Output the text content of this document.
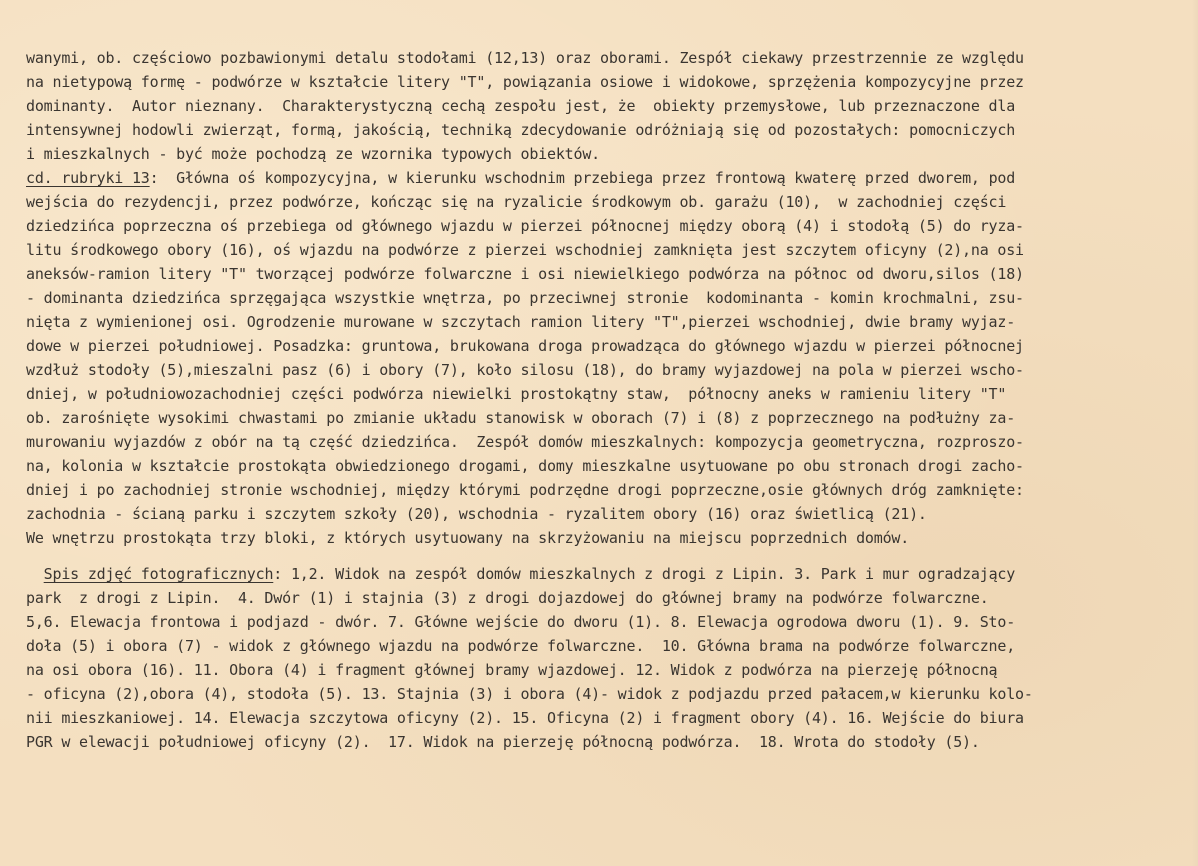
wanymi, ob. częściowo pozbawionymi detalu stodołami (12,13) oraz oborami. Zespół ciekawy przestrzennie ze względu
na nietypową formę - podwórze w kształcie litery "T", powiązania osiowe i widokowe, sprzężenia kompozycyjne przez
dominanty.  Autor nieznany.  Charakterystyczną cechą zespołu jest, że  obiekty przemysłowe, lub przeznaczone dla
intensywnej hodowli zwierząt, formą, jakością, techniką zdecydowanie odróżniają się od pozostałych: pomocniczych
i mieszkalnych - być może pochodzą ze wzornika typowych obiektów.
cd. rubryki 13:  Główna oś kompozycyjna, w kierunku wschodnim przebiega przez frontową kwaterę przed dworem, pod
wejścia do rezydencji, przez podwórze, kończąc się na ryzalicie środkowym ob. garażu (10),  w zachodniej części
dziedzińca poprzeczna oś przebiega od głównego wjazdu w pierzei północnej między oborą (4) i stodołą (5) do ryza-
litu środkowego obory (16), oś wjazdu na podwórze z pierzei wschodniej zamknięta jest szczytem oficyny (2),na osi
aneksów-ramion litery "T" tworzącej podwórze folwarczne i osi niewielkiego podwórza na północ od dworu,silos (18)
- dominanta dziedzińca sprzęgająca wszystkie wnętrza, po przeciwnej stronie  kodominanta - komin krochmalni, zsu-
nięta z wymienionej osi. Ogrodzenie murowane w szczytach ramion litery "T",pierzei wschodniej, dwie bramy wyjaz-
dowe w pierzei południowej. Posadzka: gruntowa, brukowana droga prowadząca do głównego wjazdu w pierzei północnej
wzdłuż stodoły (5),mieszalni pasz (6) i obory (7), koło silosu (18), do bramy wyjazdowej na pola w pierzei wscho-
dniej, w południowozachodniej części podwórza niewielki prostokątny staw,  północny aneks w ramieniu litery "T"
ob. zarośnięte wysokimi chwastami po zmianie układu stanowisk w oborach (7) i (8) z poprzecznego na podłużny za-
murowaniu wyjazdów z obór na tą część dziedzińca.  Zespół domów mieszkalnych: kompozycja geometryczna, rozproszo-
na, kolonia w kształcie prostokąta obwiedzionego drogami, domy mieszkalne usytuowane po obu stronach drogi zacho-
dniej i po zachodniej stronie wschodniej, między którymi podrzędne drogi poprzeczne,osie głównych dróg zamknięte:
zachodnia - ścianą parku i szczytem szkoły (20), wschodnia - ryzalitem obory (16) oraz świetlicą (21).
We wnętrzu prostokąta trzy bloki, z których usytuowany na skrzyżowaniu na miejscu poprzednich domów.
Spis zdjęć fotograficznych: 1,2. Widok na zespół domów mieszkalnych z drogi z Lipin. 3. Park i mur ogradzający
park  z drogi z Lipin.  4. Dwór (1) i stajnia (3) z drogi dojazdowej do głównej bramy na podwórze folwarczne.
5,6. Elewacja frontowa i podjazd - dwór. 7. Główne wejście do dworu (1). 8. Elewacja ogrodowa dworu (1). 9. Sto-
doła (5) i obora (7) - widok z głównego wjazdu na podwórze folwarczne.  10. Główna brama na podwórze folwarczne,
na osi obora (16). 11. Obora (4) i fragment głównej bramy wjazdowej. 12. Widok z podwórza na pierzeję północną
- oficyna (2),obora (4), stodoła (5). 13. Stajnia (3) i obora (4)- widok z podjazdu przed pałacem,w kierunku kolo-
nii mieszkaniowej. 14. Elewacja szczytowa oficyny (2). 15. Oficyna (2) i fragment obory (4). 16. Wejście do biura
PGR w elewacji południowej oficyny (2).  17. Widok na pierzeję północną podwórza.  18. Wrota do stodoły (5).
